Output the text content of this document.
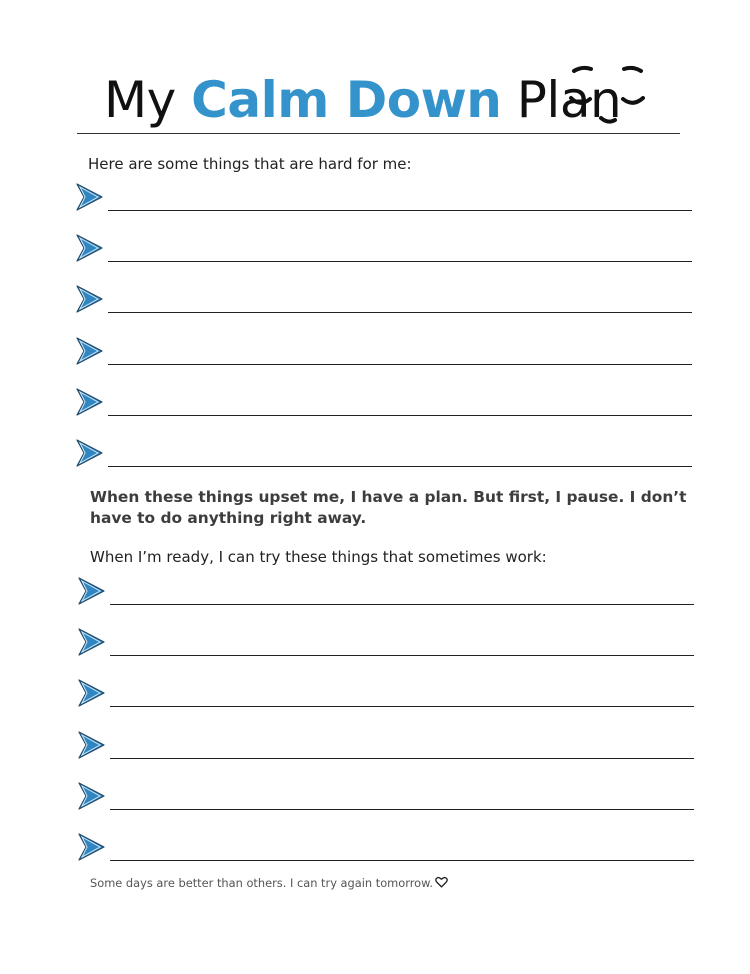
My Calm Down Plan
Here are some things that are hard for me:
When these things upset me, I have a plan. But first, I pause. I don’t have to do anything right away.
When I’m ready, I can try these things that sometimes work:
Some days are better than others. I can try again tomorrow.
